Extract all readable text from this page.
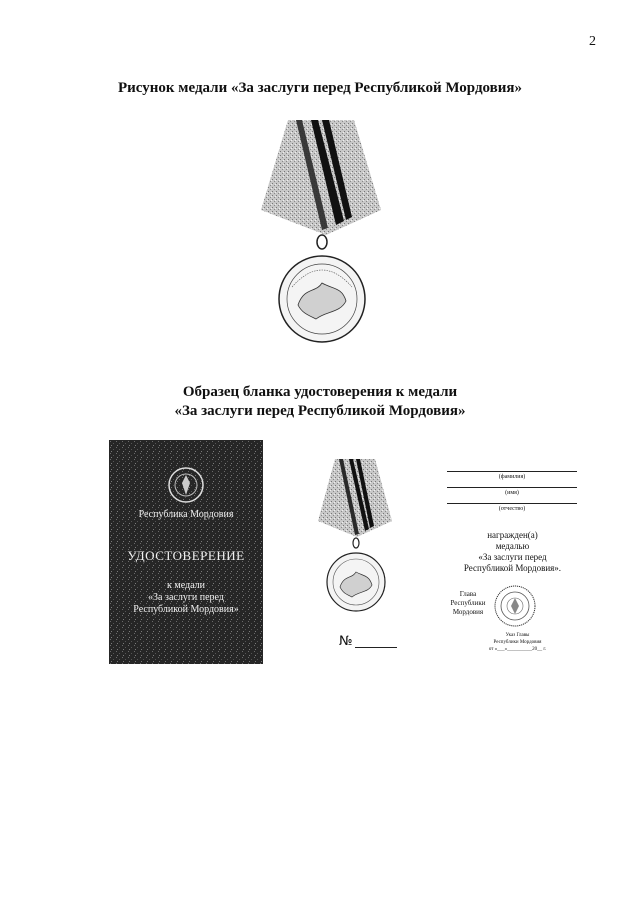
2
Рисунок медали «За заслуги перед Республикой Мордовия»
Образец бланка удостоверения к медали
«За заслуги перед Республикой Мордовия»
Республика Мордовия
УДОСТОВЕРЕНИЕ
к медали
«За заслуги перед
Республикой Мордовия»
№
(фамилия)
(имя)
(отчество)
награжден(а)
медалью
«За заслуги перед
Республикой Мордовия».
Глава
Республики Мордовия
Указ Главы
Республики Мордовия
от «___»__________20__ г.
